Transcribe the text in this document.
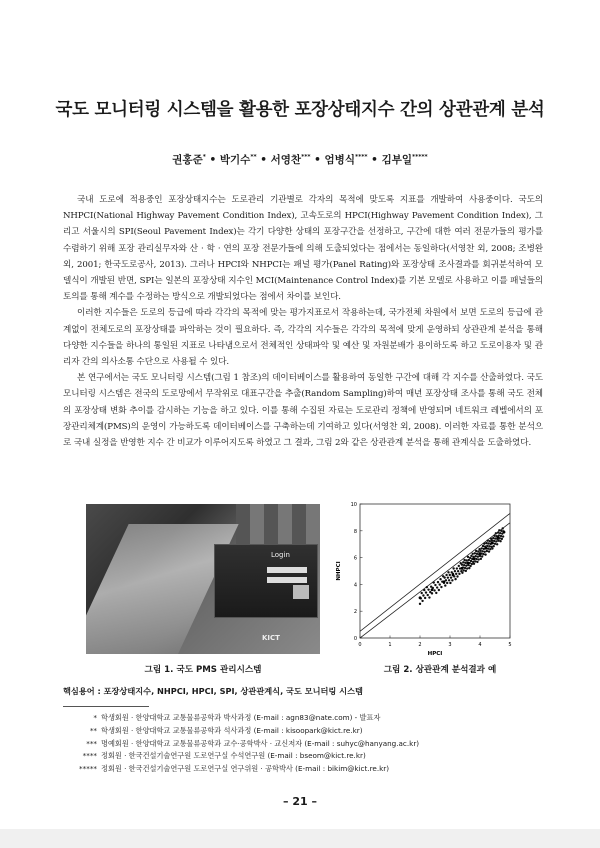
국도 모니터링 시스템을 활용한 포장상태지수 간의 상관관계 분석
권홍준* • 박기수** • 서영찬*** • 엄병식**** • 김부일*****

국내 도로에 적용중인 포장상태지수는 도로관리 기관별로 각자의 목적에 맞도록 지표를 개발하여 사용중이다. 국도의 NHPCI(National Highway Pavement Condition Index), 고속도로의 HPCI(Highway Pavement Condition Index), 그리고 서울시의 SPI(Seoul Pavement Index)는 각기 다양한 상태의 포장구간을 선정하고, 구간에 대한 여러 전문가들의 평가를 수렴하기 위해 포장 관리실무자와 산 · 학 · 연의 포장 전문가들에 의해 도출되었다는 점에서는 동일하다(서영찬 외, 2008; 조병완 외, 2001; 한국도로공사, 2013). 그러나 HPCI와 NHPCI는 패널 평가(Panel Rating)와 포장상태 조사결과를 회귀분석하여 모델식이 개발된 반면, SPI는 일본의 포장상태 지수인 MCI(Maintenance Control Index)를 기본 모델로 사용하고 이를 패널들의 토의를 통해 계수를 수정하는 방식으로 개발되었다는 점에서 차이를 보인다.

이러한 지수들은 도로의 등급에 따라 각각의 목적에 맞는 평가지표로서 작용하는데, 국가전체 차원에서 보면 도로의 등급에 관계없이 전체도로의 포장상태를 파악하는 것이 필요하다. 즉, 각각의 지수들은 각각의 목적에 맞게 운영하되 상관관계 분석을 통해 다양한 지수들을 하나의 통일된 지표로 나타냄으로서 전체적인 상태파악 및 예산 및 자원분배가 용이하도록 하고 도로이용자 및 관리자 간의 의사소통 수단으로 사용될 수 있다.

본 연구에서는 국도 모니터링 시스템(그림 1 참조)의 데이터베이스를 활용하여 동일한 구간에 대해 각 지수를 산출하였다. 국도 모니터링 시스템은 전국의 도로망에서 무작위로 대표구간을 추출(Random Sampling)하여 매년 포장상태 조사를 통해 국도 전체의 포장상태 변화 추이를 감시하는 기능을 하고 있다. 이를 통해 수집된 자료는 도로관리 정책에 반영되며 네트워크 레벨에서의 포장관리체계(PMS)의 운영이 가능하도록 데이터베이스를 구축하는데 기여하고 있다(서영찬 외, 2008). 이러한 자료를 통한 분석으로 국내 실정을 반영한 지수 간 비교가 이루어지도록 하였고 그 결과, 그림 2와 같은 상관관계 분석을 통해 관계식을 도출하였다.

Login
KICT
그림 1. 국도 PMS 관리시스템
0	1	2	3	4	5
0
2
4
6
8
10
HPCI
NHPCI
그림 2. 상관관계 분석결과 예
핵심용어 : 포장상태지수, NHPCI, HPCI, SPI, 상관관계식, 국도 모니터링 시스템
* 학생회원 · 한양대학교 교통물류공학과 박사과정 (E-mail : agn83@nate.com) - 발표자
** 학생회원 · 한양대학교 교통물류공학과 석사과정 (E-mail : kisoopark@kict.re.kr)
*** 명예회원 · 한양대학교 교통물류공학과 교수·공학박사 · 교신저자 (E-mail : suhyc@hanyang.ac.kr)
**** 정회원 · 한국건설기술연구원 도로연구실 수석연구원 (E-mail : bseom@kict.re.kr)
***** 정회원 · 한국건설기술연구원 도로연구실 연구위원 · 공학박사 (E-mail : bikim@kict.re.kr)
– 21 –
